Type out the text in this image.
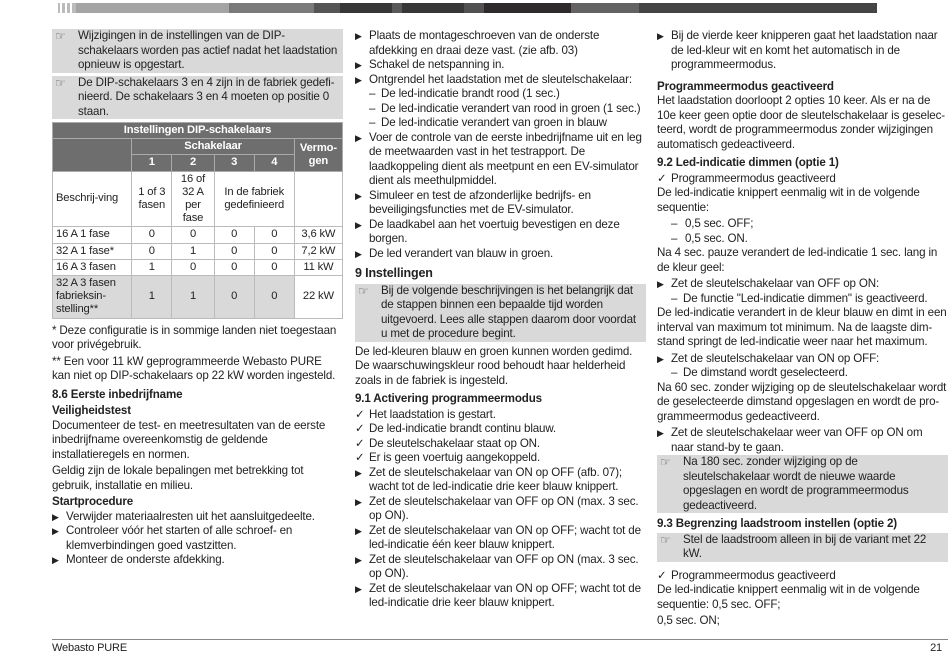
☞ Wijzigingen in de instellingen van de DIP-schakelaars worden pas actief nadat het laadstation opnieuw is opgestart.
☞ De DIP-schakelaars 3 en 4 zijn in de fabriek gedefinieerd. De schakelaars 3 en 4 moeten op positie 0 staan.
Instellingen DIP-schakelaars					
	Schakelaar				Vermo-gen
	1	2	3	4	
Beschrij-ving	1 of 3 fasen	16 of 32 A per fase	In de fabriek gedefinieerd		
16 A 1 fase	0	0	0	0	3,6 kW
32 A 1 fase*	0	1	0	0	7,2 kW
16 A 3 fasen	1	0	0	0	11 kW
32 A 3 fasen fabrieksin-stelling**	1	1	0	0	22 kW
* Deze configuratie is in sommige landen niet toegestaan voor privégebruik.
** Een voor 11 kW geprogrammeerde Webasto PURE kan niet op DIP-schakelaars op 22 kW worden ingesteld.
8.6 Eerste inbedrijfname
Veiligheidstest
Documenteer de test- en meetresultaten van de eerste inbedrijfname overeenkomstig de geldende installatieregels en normen.
Geldig zijn de lokale bepalingen met betrekking tot gebruik, installatie en milieu.
Startprocedure
▶ Verwijder materiaalresten uit het aansluitgedeelte.
▶ Controleer vóór het starten of alle schroef- en klemverbindingen goed vastzitten.
▶ Monteer de onderste afdekking.
▶ Plaats de montageschroeven van de onderste afdekking en draai deze vast. (zie afb. 03)
▶ Schakel de netspanning in.
▶ Ontgrendel het laadstation met de sleutelschakelaar:
– De led-indicatie brandt rood (1 sec.)
– De led-indicatie verandert van rood in groen (1 sec.)
– De led-indicatie verandert van groen in blauw
▶ Voer de controle van de eerste inbedrijfname uit en leg de meetwaarden vast in het testrapport. De laadkoppeling dient als meetpunt en een EV-simulator dient als meethulpmiddel.
▶ Simuleer en test de afzonderlijke bedrijfs- en beveiligingsfuncties met de EV-simulator.
▶ De laadkabel aan het voertuig bevestigen en deze borgen.
▶ De led verandert van blauw in groen.
9 Instellingen
☞ Bij de volgende beschrijvingen is het belangrijk dat de stappen binnen een bepaalde tijd worden uitgevoerd. Lees alle stappen daarom door voordat u met de procedure begint.
De led-kleuren blauw en groen kunnen worden gedimd. De waarschuwingskleur rood behoudt haar helderheid zoals in de fabriek is ingesteld.
9.1 Activering programmeermodus
✓ Het laadstation is gestart.
✓ De led-indicatie brandt continu blauw.
✓ De sleutelschakelaar staat op ON.
✓ Er is geen voertuig aangekoppeld.
▶ Zet de sleutelschakelaar van ON op OFF (afb. 07); wacht tot de led-indicatie drie keer blauw knippert.
▶ Zet de sleutelschakelaar van OFF op ON (max. 3 sec. op ON).
▶ Zet de sleutelschakelaar van ON op OFF; wacht tot de led-indicatie één keer blauw knippert.
▶ Zet de sleutelschakelaar van OFF op ON (max. 3 sec. op ON).
▶ Zet de sleutelschakelaar van ON op OFF; wacht tot de led-indicatie drie keer blauw knippert.
▶ Bij de vierde keer knipperen gaat het laadstation naar de led-kleur wit en komt het automatisch in de programmeermodus.
Programmeermodus geactiveerd
Het laadstation doorloopt 2 opties 10 keer. Als er na de 10e keer geen optie door de sleutelschakelaar is geselecteerd, wordt de programmeermodus zonder wijzigingen automatisch gedeactiveerd.
9.2 Led-indicatie dimmen (optie 1)
✓ Programmeermodus geactiveerd
De led-indicatie knippert eenmalig wit in de volgende sequentie:
– 0,5 sec. OFF;
– 0,5 sec. ON.
Na 4 sec. pauze verandert de led-indicatie 1 sec. lang in de kleur geel:
▶ Zet de sleutelschakelaar van OFF op ON:
– De functie "Led-indicatie dimmen" is geactiveerd.
De led-indicatie verandert in de kleur blauw en dimt in een interval van maximum tot minimum. Na de laagste dimstand springt de led-indicatie weer naar het maximum.
▶ Zet de sleutelschakelaar van ON op OFF:
– De dimstand wordt geselecteerd.
Na 60 sec. zonder wijziging op de sleutelschakelaar wordt de geselecteerde dimstand opgeslagen en wordt de programmeermodus gedeactiveerd.
▶ Zet de sleutelschakelaar weer van OFF op ON om naar stand-by te gaan.
☞ Na 180 sec. zonder wijziging op de sleutelschakelaar wordt de nieuwe waarde opgeslagen en wordt de programmeermodus gedeactiveerd.
9.3 Begrenzing laadstroom instellen (optie 2)
☞ Stel de laadstroom alleen in bij de variant met 22 kW.
✓ Programmeermodus geactiveerd
De led-indicatie knippert eenmalig wit in de volgende sequentie: 0,5 sec. OFF;
0,5 sec. ON;
Webasto PURE	21
